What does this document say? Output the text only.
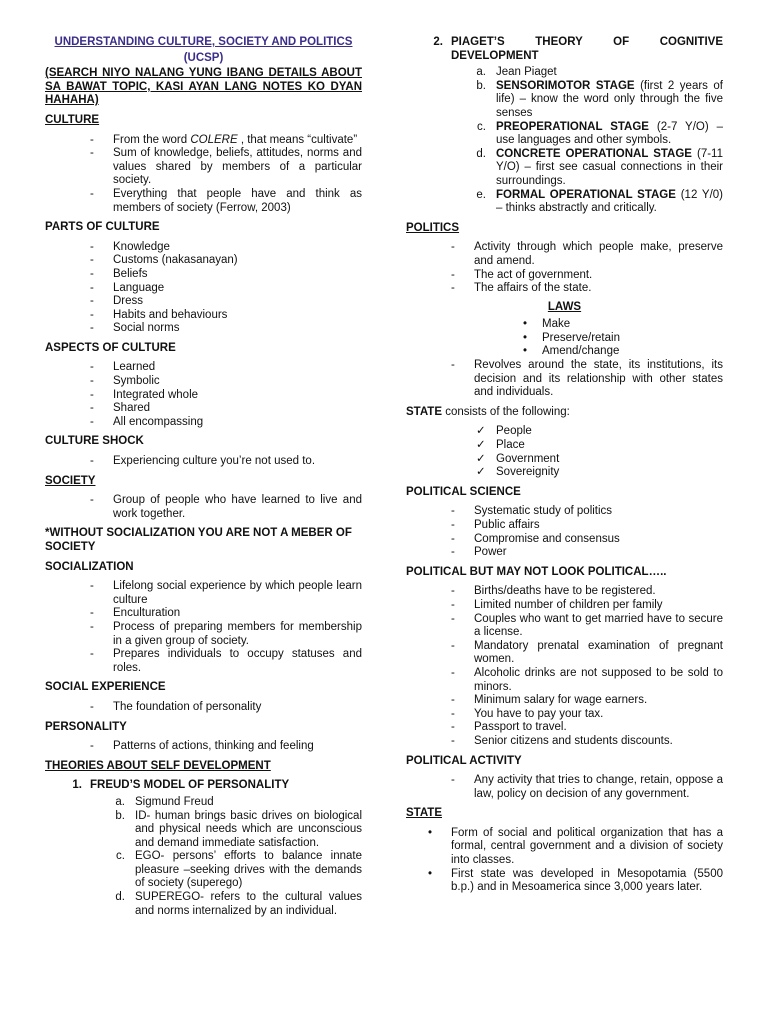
UNDERSTANDING CULTURE, SOCIETY AND POLITICS
(UCSP)
(SEARCH NIYO NALANG YUNG IBANG DETAILS ABOUT SA BAWAT TOPIC, KASI AYAN LANG NOTES KO DYAN HAHAHA)
CULTURE
- From the word COLERE , that means “cultivate”
- Sum of knowledge, beliefs, attitudes, norms and values shared by members of a particular society.
- Everything that people have and think as members of society (Ferrow, 2003)
PARTS OF CULTURE
- Knowledge
- Customs (nakasanayan)
- Beliefs
- Language
- Dress
- Habits and behaviours
- Social norms
ASPECTS OF CULTURE
- Learned
- Symbolic
- Integrated whole
- Shared
- All encompassing
CULTURE SHOCK
- Experiencing culture you’re not used to.
SOCIETY
- Group of people who have learned to live and work together.
*WITHOUT SOCIALIZATION YOU ARE NOT A MEBER OF SOCIETY
SOCIALIZATION
- Lifelong social experience by which people learn culture
- Enculturation
- Process of preparing members for membership in a given group of society.
- Prepares individuals to occupy statuses and roles.
SOCIAL EXPERIENCE
- The foundation of personality
PERSONALITY
- Patterns of actions, thinking and feeling
THEORIES ABOUT SELF DEVELOPMENT
1. FREUD’S MODEL OF PERSONALITY
a. Sigmund Freud
b. ID- human brings basic drives on biological and physical needs which are unconscious and demand immediate satisfaction.
c. EGO- persons’ efforts to balance innate pleasure –seeking drives with the demands of society (superego)
d. SUPEREGO- refers to the cultural values and norms internalized by an individual.
2. PIAGET’S THEORY OF COGNITIVE DEVELOPMENT
a. Jean Piaget
b. SENSORIMOTOR STAGE (first 2 years of life) – know the word only through the five senses
c. PREOPERATIONAL STAGE (2-7 Y/O) – use languages and other symbols.
d. CONCRETE OPERATIONAL STAGE (7-11 Y/O) – first see casual connections in their surroundings.
e. FORMAL OPERATIONAL STAGE (12 Y/0) – thinks abstractly and critically.
POLITICS
- Activity through which people make, preserve and amend.
- The act of government.
- The affairs of the state.
LAWS
• Make
• Preserve/retain
• Amend/change
- Revolves around the state, its institutions, its decision and its relationship with other states and individuals.
STATE consists of the following:
✓ People
✓ Place
✓ Government
✓ Sovereignity
POLITICAL SCIENCE
- Systematic study of politics
- Public affairs
- Compromise and consensus
- Power
POLITICAL BUT MAY NOT LOOK POLITICAL…..
- Births/deaths have to be registered.
- Limited number of children per family
- Couples who want to get married have to secure a license.
- Mandatory prenatal examination of pregnant women.
- Alcoholic drinks are not supposed to be sold to minors.
- Minimum salary for wage earners.
- You have to pay your tax.
- Passport to travel.
- Senior citizens and students discounts.
POLITICAL ACTIVITY
- Any activity that tries to change, retain, oppose a law, policy on decision of any government.
STATE
• Form of social and political organization that has a formal, central government and a division of society into classes.
• First state was developed in Mesopotamia (5500 b.p.) and in Mesoamerica since 3,000 years later.
